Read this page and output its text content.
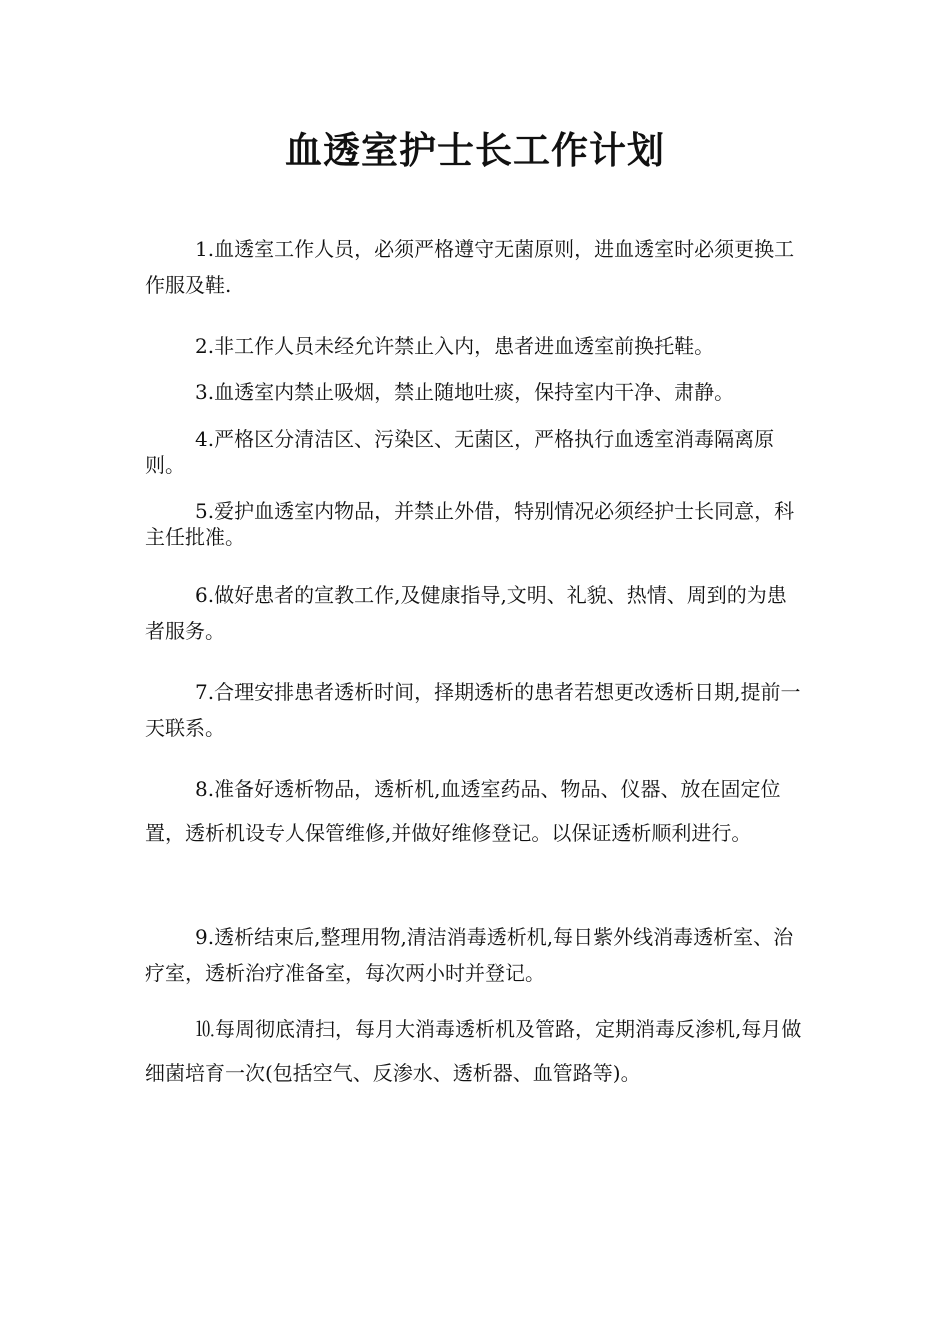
血透室护士长工作计划

1.血透室工作人员，必须严格遵守无菌原则，进血透室时必须更换工作服及鞋.

2.非工作人员未经允许禁止入内，患者进血透室前换托鞋。

3.血透室内禁止吸烟，禁止随地吐痰，保持室内干净、肃静。

4.严格区分清洁区、污染区、无菌区，严格执行血透室消毒隔离原则。

5.爱护血透室内物品，并禁止外借，特别情况必须经护士长同意，科主任批准。

6.做好患者的宣教工作,及健康指导,文明、礼貌、热情、周到的为患者服务。

7.合理安排患者透析时间，择期透析的患者若想更改透析日期,提前一天联系。

8.准备好透析物品，透析机,血透室药品、物品、仪器、放在固定位置，透析机设专人保管维修,并做好维修登记。以保证透析顺利进行。

9.透析结束后,整理用物,清洁消毒透析机,每日紫外线消毒透析室、治疗室，透析治疗准备室，每次两小时并登记。

⒑每周彻底清扫，每月大消毒透析机及管路，定期消毒反渗机,每月做细菌培育一次(包括空气、反渗水、透析器、血管路等)。
